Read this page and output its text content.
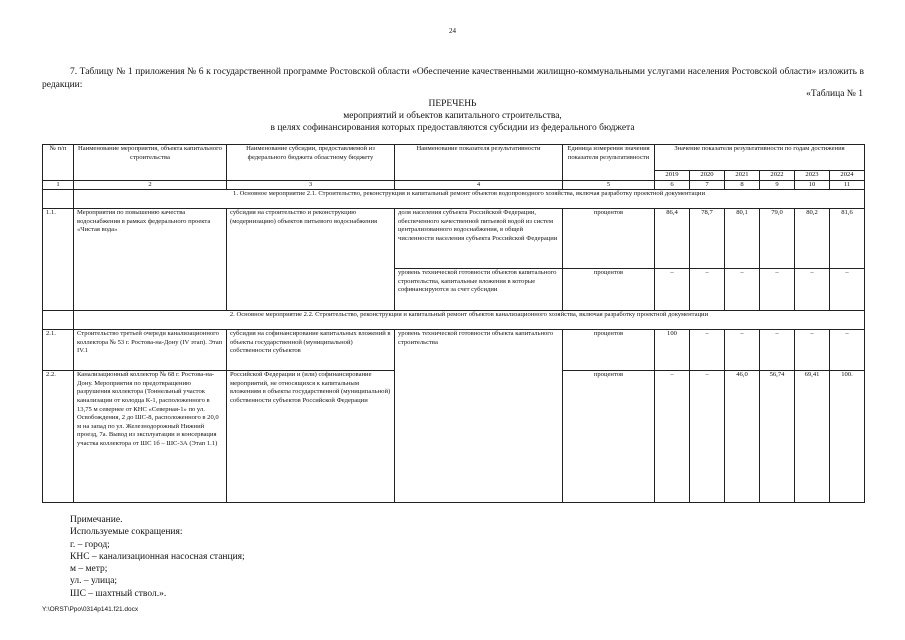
24
7. Таблицу № 1 приложения № 6 к государственной программе Ростовской области «Обеспечение качественными жилищно-коммунальными услугами населения Ростовской области» изложить в редакции:
«Таблица № 1
ПЕРЕЧЕНЬ
мероприятий и объектов капитального строительства,
в целях софинансирования которых предоставляются субсидии из федерального бюджета
№ п/п	Наименование мероприятия, объекта капитального строительства	Наименование субсидии, предоставляемой из федерального бюджета областному бюджету	Наименование показателя результативности	Единица измерения значения показателя результативности	Значение показателя результативности по годам достижения					
					2019	2020	2021	2022	2023	2024
1	2	3	4	5	6	7	8	9	10	11
	1. Основное мероприятие 2.1. Строительство, реконструкция и капитальный ремонт объектов водопроводного хозяйства, включая разработку проектной документации									
1.1.	Мероприятия по повышению качества водоснабжения в рамках федерального проекта «Чистая вода»	субсидия на строительство и реконструкцию (модернизацию) объектов питьевого водоснабжения	доля населения субъекта Российской Федерации, обеспеченного качественной питьевой водой из систем централизованного водоснабжения, в общей численности населения субъекта Российской Федерации	процентов	86,4	78,7	80,1	79,0	80,2	81,6
			уровень технической готовности объектов капитального строительства, капитальные вложения в которые софинансируются за счет субсидии	процентов	–	–	–	–	–	–
	2. Основное мероприятие 2.2. Строительство, реконструкция и капитальный ремонт объектов канализационного хозяйства, включая разработку проектной документации									
2.1.	Строительство третьей очереди канализационного коллектора № 53 г. Ростова-на-Дону (IV этап). Этап IV.1	субсидия на софинансирование капитальных вложений в объекты государственной (муниципальной) собственности субъектов	уровень технической готовности объекта капитального строительства	процентов	100	–	–	–	–	–
2.2.	Канализационный коллектор № 68 г. Ростова-на-Дону. Мероприятия по предотвращению разрушения коллектора (Тоннельный участок канализации от колодца К-1, расположенного в 13,75 м севернее от КНС «Северная-1» по ул. Освобождения, 2 до ШС-8, расположенного в 20,0 м на запад по ул. Железнодорожный Нижний проезд, 7а. Вывод из эксплуатации и консервация участка коллектора от ШС 1б – ШС-3А (Этап 1.1)	Российской Федерации и (или) софинансирование мероприятий, не относящихся к капитальным вложениям в объекты государственной (муниципальной) собственности субъектов Российской Федерации		процентов	–	–	46,0	56,74	69,41	100.
Примечание.
Используемые сокращения:
г. – город;
КНС – канализационная насосная станция;
м – метр;
ул. – улица;
ШС – шахтный ствол.».
Y:\ORST\Ppo\0314p141.f21.docx
